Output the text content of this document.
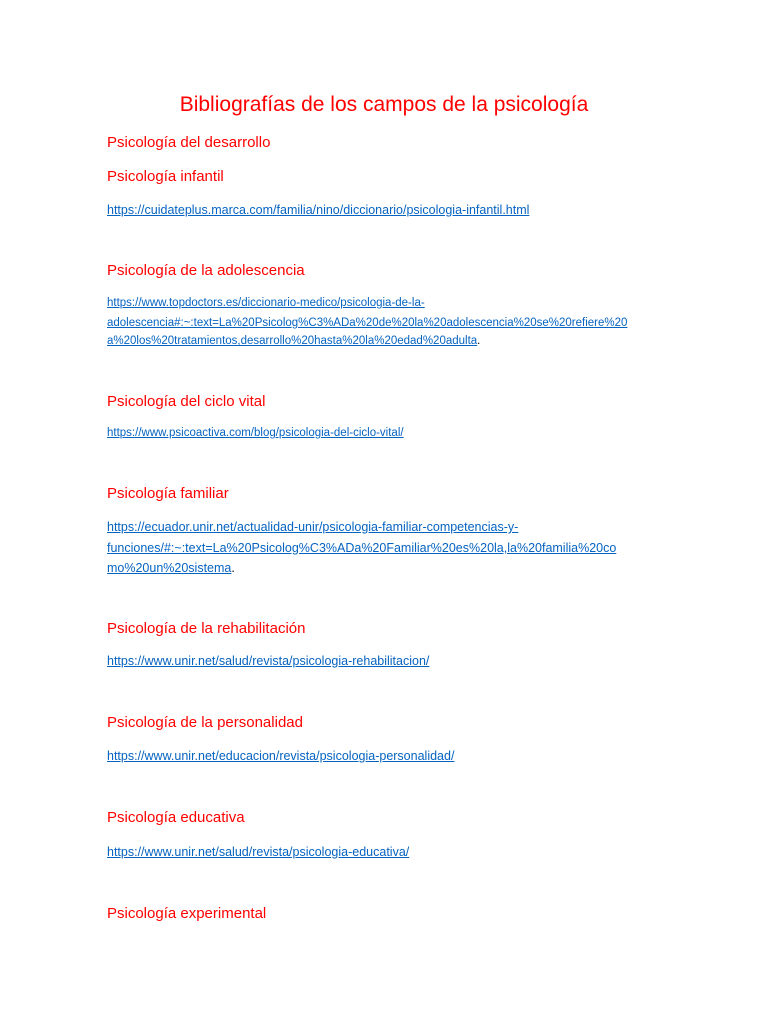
Bibliografías de los campos de la psicología
Psicología del desarrollo
Psicología infantil
https://cuidateplus.marca.com/familia/nino/diccionario/psicologia-infantil.html
Psicología de la adolescencia
https://www.topdoctors.es/diccionario-medico/psicologia-de-la-
adolescencia#:~:text=La%20Psicolog%C3%ADa%20de%20la%20adolescencia%20se%20refiere%20
a%20los%20tratamientos,desarrollo%20hasta%20la%20edad%20adulta.
Psicología del ciclo vital
https://www.psicoactiva.com/blog/psicologia-del-ciclo-vital/
Psicología familiar
https://ecuador.unir.net/actualidad-unir/psicologia-familiar-competencias-y-
funciones/#:~:text=La%20Psicolog%C3%ADa%20Familiar%20es%20la,la%20familia%20co
mo%20un%20sistema.
Psicología de la rehabilitación
https://www.unir.net/salud/revista/psicologia-rehabilitacion/
Psicología de la personalidad
https://www.unir.net/educacion/revista/psicologia-personalidad/
Psicología educativa
https://www.unir.net/salud/revista/psicologia-educativa/
Psicología experimental
